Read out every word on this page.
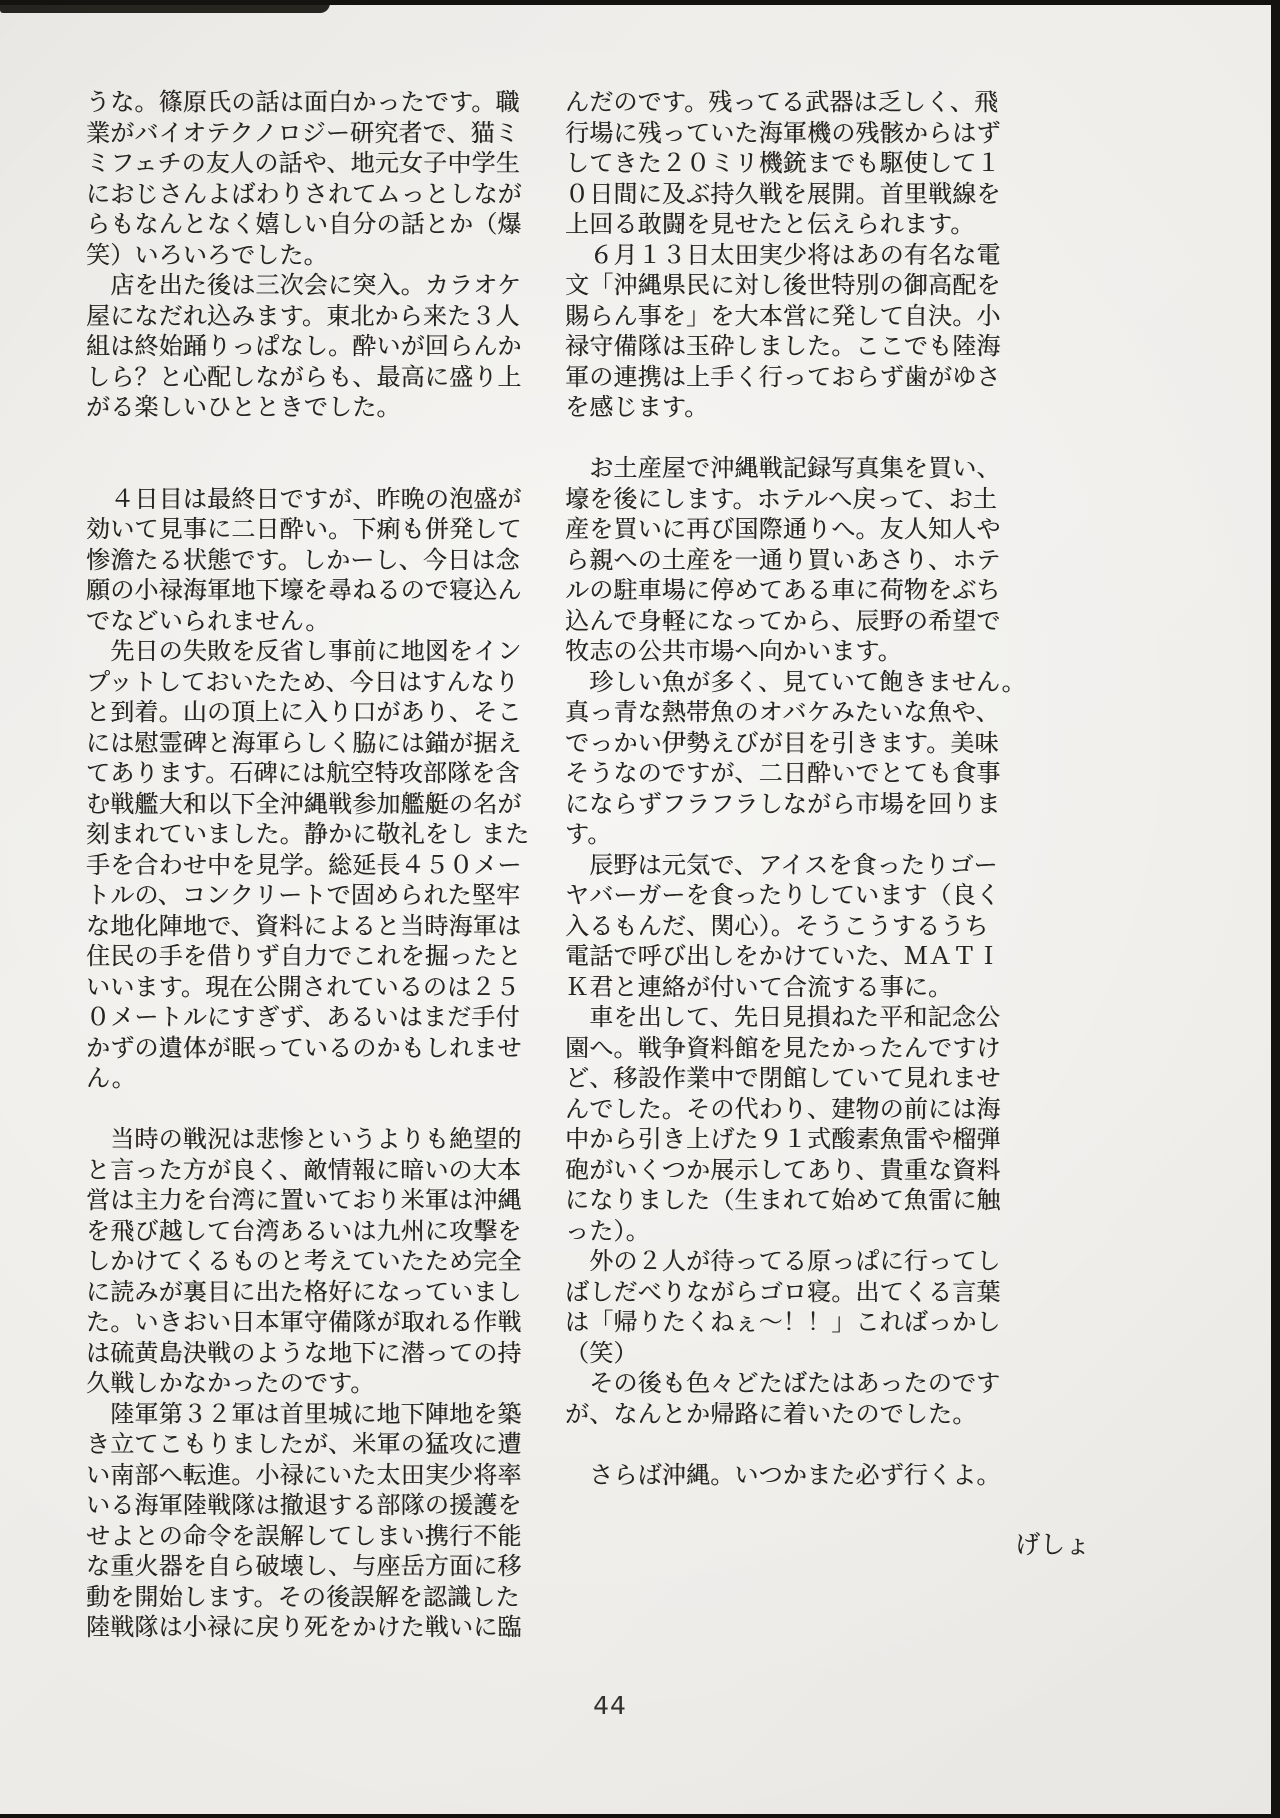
うな。篠原氏の話は面白かったです。職
業がバイオテクノロジー研究者で、猫ミ
ミフェチの友人の話や、地元女子中学生
におじさんよばわりされてムっとしなが
らもなんとなく嬉しい自分の話とか（爆
笑）いろいろでした。
　店を出た後は三次会に突入。カラオケ
屋になだれ込みます。東北から来た３人
組は終始踊りっぱなし。酔いが回らんか
しら？と心配しながらも、最高に盛り上
がる楽しいひとときでした。

　４日目は最終日ですが、昨晩の泡盛が
効いて見事に二日酔い。下痢も併発して
惨澹たる状態です。しかーし、今日は念
願の小禄海軍地下壕を尋ねるので寝込ん
でなどいられません。
　先日の失敗を反省し事前に地図をイン
プットしておいたため、今日はすんなり
と到着。山の頂上に入り口があり、そこ
には慰霊碑と海軍らしく脇には錨が据え
てあります。石碑には航空特攻部隊を含
む戦艦大和以下全沖縄戦参加艦艇の名が
刻まれていました。静かに敬礼をし また
手を合わせ中を見学。総延長４５０メー
トルの、コンクリートで固められた堅牢
な地化陣地で、資料によると当時海軍は
住民の手を借りず自力でこれを掘ったと
いいます。現在公開されているのは２５
０メートルにすぎず、あるいはまだ手付
かずの遺体が眠っているのかもしれませ
ん。

　当時の戦況は悲惨というよりも絶望的
と言った方が良く、敵情報に暗いの大本
営は主力を台湾に置いており米軍は沖縄
を飛び越して台湾あるいは九州に攻撃を
しかけてくるものと考えていたため完全
に読みが裏目に出た格好になっていまし
た。いきおい日本軍守備隊が取れる作戦
は硫黄島決戦のような地下に潜っての持
久戦しかなかったのです。
　陸軍第３２軍は首里城に地下陣地を築
き立てこもりましたが、米軍の猛攻に遭
い南部へ転進。小禄にいた太田実少将率
いる海軍陸戦隊は撤退する部隊の援護を
せよとの命令を誤解してしまい携行不能
な重火器を自ら破壊し、与座岳方面に移
動を開始します。その後誤解を認識した
陸戦隊は小禄に戻り死をかけた戦いに臨
んだのです。残ってる武器は乏しく、飛
行場に残っていた海軍機の残骸からはず
してきた２０ミリ機銃までも駆使して１
０日間に及ぶ持久戦を展開。首里戦線を
上回る敢闘を見せたと伝えられます。
　６月１３日太田実少将はあの有名な電
文「沖縄県民に対し後世特別の御高配を
賜らん事を」を大本営に発して自決。小
禄守備隊は玉砕しました。ここでも陸海
軍の連携は上手く行っておらず歯がゆさ
を感じます。

　お土産屋で沖縄戦記録写真集を買い、
壕を後にします。ホテルへ戻って、お土
産を買いに再び国際通りへ。友人知人や
ら親への土産を一通り買いあさり、ホテ
ルの駐車場に停めてある車に荷物をぶち
込んで身軽になってから、辰野の希望で
牧志の公共市場へ向かいます。
　珍しい魚が多く、見ていて飽きません。
真っ青な熱帯魚のオバケみたいな魚や、
でっかい伊勢えびが目を引きます。美味
そうなのですが、二日酔いでとても食事
にならずフラフラしながら市場を回りま
す。
　辰野は元気で、アイスを食ったりゴー
ヤバーガーを食ったりしています（良く
入るもんだ、関心）。そうこうするうち
電話で呼び出しをかけていた、ＭＡＴＩ
Ｋ君と連絡が付いて合流する事に。
　車を出して、先日見損ねた平和記念公
園へ。戦争資料館を見たかったんですけ
ど、移設作業中で閉館していて見れませ
んでした。その代わり、建物の前には海
中から引き上げた９１式酸素魚雷や榴弾
砲がいくつか展示してあり、貴重な資料
になりました（生まれて始めて魚雷に触
った）。
　外の２人が待ってる原っぱに行ってし
ばしだべりながらゴロ寝。出てくる言葉
は「帰りたくねぇ～！！」こればっかし
（笑）
　その後も色々どたばたはあったのです
が、なんとか帰路に着いたのでした。

　さらば沖縄。いつかまた必ず行くよ。
げしょ
44
